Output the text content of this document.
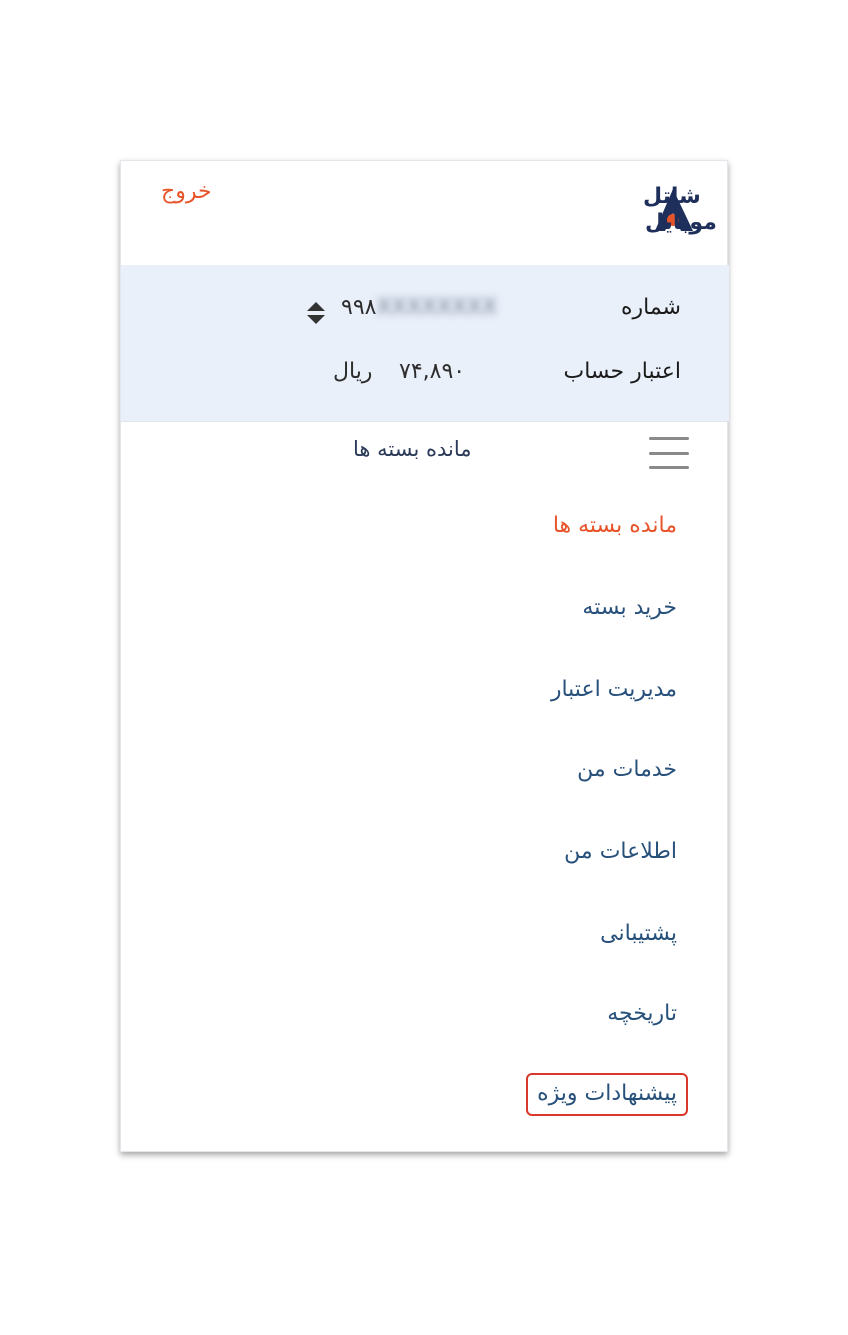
خروج	شاتل
موبایل
شماره
۹۹۸XXXXXXXX
اعتبار حساب
۷۴,۸۹۰
ریال
مانده بسته ها
مانده بسته ها
خرید بسته
مدیریت اعتبار
خدمات من
اطلاعات من
پشتیبانی
تاریخچه
پیشنهادات ویژه
